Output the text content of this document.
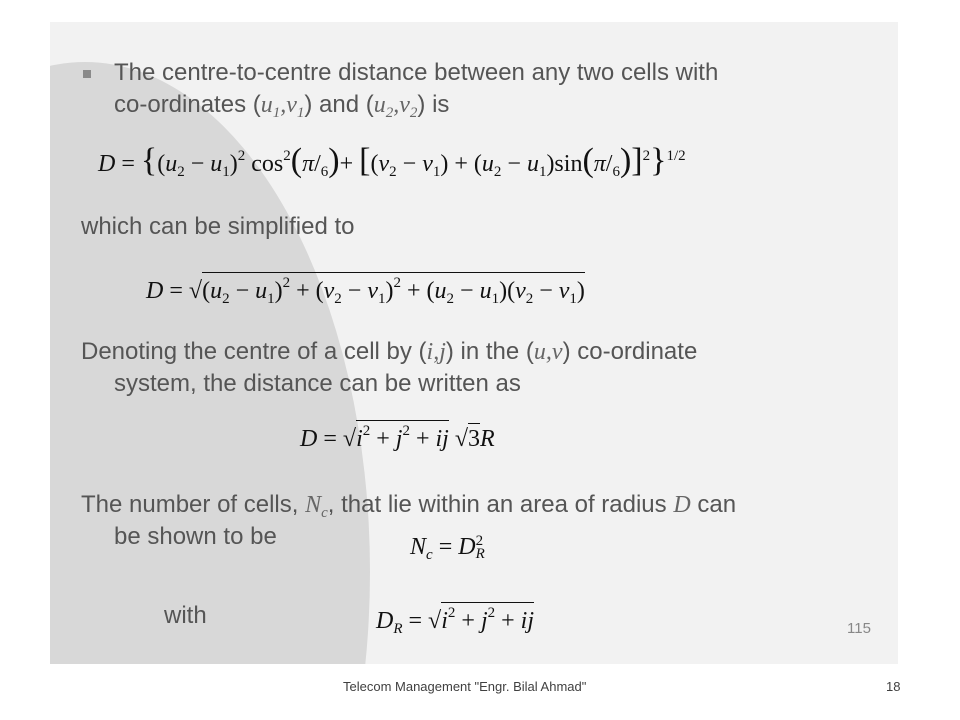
The centre-to-centre distance between any two cells with
co-ordinates $(u_1,v_1)$ and $(u_2,v_2)$ is
$D = \{(u_2 - u_1)^2$ $\cos^2(\pi/_6)+ [(v_2 - v_1) + (u_2 - u_1)\sin(\pi/_6)]^2\}^{1/2}$
which can be simplified to
$D = √(u_2 - u_1)^2 + (v_2 - v_1)^2 + (u_2 - u_1)(v_2 - v_1)$
Denoting the centre of a cell by (i,j) in the (u,v) co-ordinate
system, the distance can be written as
$D = √i^2 + j^2$ + ij √3R
The number of cells, $N_c$, that lie within an area of radius D can
be shown to be	$N_c = D$ 2
R
with	$D_R = √i^2 + j^2$ + ij	115
Telecom Management "Engr. Bilal Ahmad"	18
